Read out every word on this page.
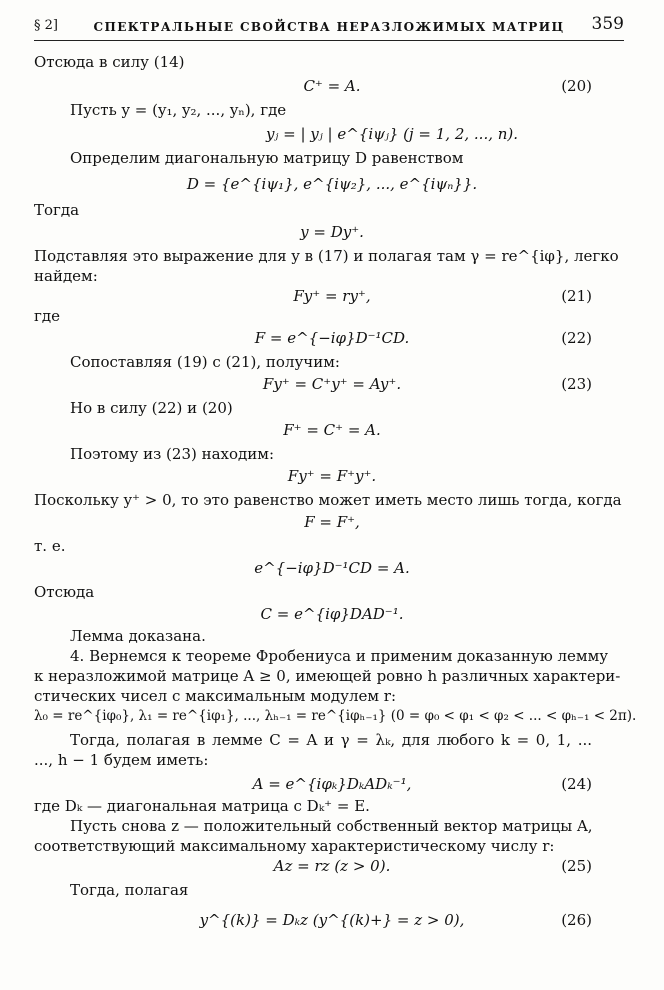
§ 2]	СПЕКТРАЛЬНЫЕ СВОЙСТВА НЕРАЗЛОЖИМЫХ МАТРИЦ	359
Отсюда в силу (14)
C⁺ = A.	(20)
Пусть y = (y₁, y₂, ..., yₙ), где
yⱼ = | yⱼ | e^{iψⱼ} (j = 1, 2, ..., n).
Определим диагональную матрицу D равенством
D = {e^{iψ₁}, e^{iψ₂}, ..., e^{iψₙ}}.
Тогда
y = Dy⁺.
Подставляя это выражение для y в (17) и полагая там γ = re^{iφ}, легко
найдем:
Fy⁺ = ry⁺,	(21)
где
F = e^{−iφ}D⁻¹CD.	(22)
Сопоставляя (19) с (21), получим:
Fy⁺ = C⁺y⁺ = Ay⁺.	(23)
Но в силу (22) и (20)
F⁺ = C⁺ = A.
Поэтому из (23) находим:
Fy⁺ = F⁺y⁺.
Поскольку y⁺ > 0, то это равенство может иметь место лишь тогда, когда
F = F⁺,
т. е.
e^{−iφ}D⁻¹CD = A.
Отсюда
C = e^{iφ}DAD⁻¹.
Лемма доказана.
4. Вернемся к теореме Фробениуса и применим доказанную лемму
к неразложимой матрице A ≥ 0, имеющей ровно h различных характери-
стических чисел с максимальным модулем r:
λ₀ = re^{iφ₀}, λ₁ = re^{iφ₁}, ..., λₕ₋₁ = re^{iφₕ₋₁} (0 = φ₀ < φ₁ < φ₂ < ... < φₕ₋₁ < 2π).
Тогда, полагая в лемме C = A и γ = λₖ, для любого k = 0, 1, ...
..., h − 1 будем иметь:
A = e^{iφₖ}DₖADₖ⁻¹,	(24)
где Dₖ — диагональная матрица с Dₖ⁺ = E.
Пусть снова z — положительный собственный вектор матрицы A,
соответствующий максимальному характеристическому числу r:
Az = rz (z > 0).	(25)
Тогда, полагая
y^{(k)} = Dₖz (y^{(k)+} = z > 0),	(26)
